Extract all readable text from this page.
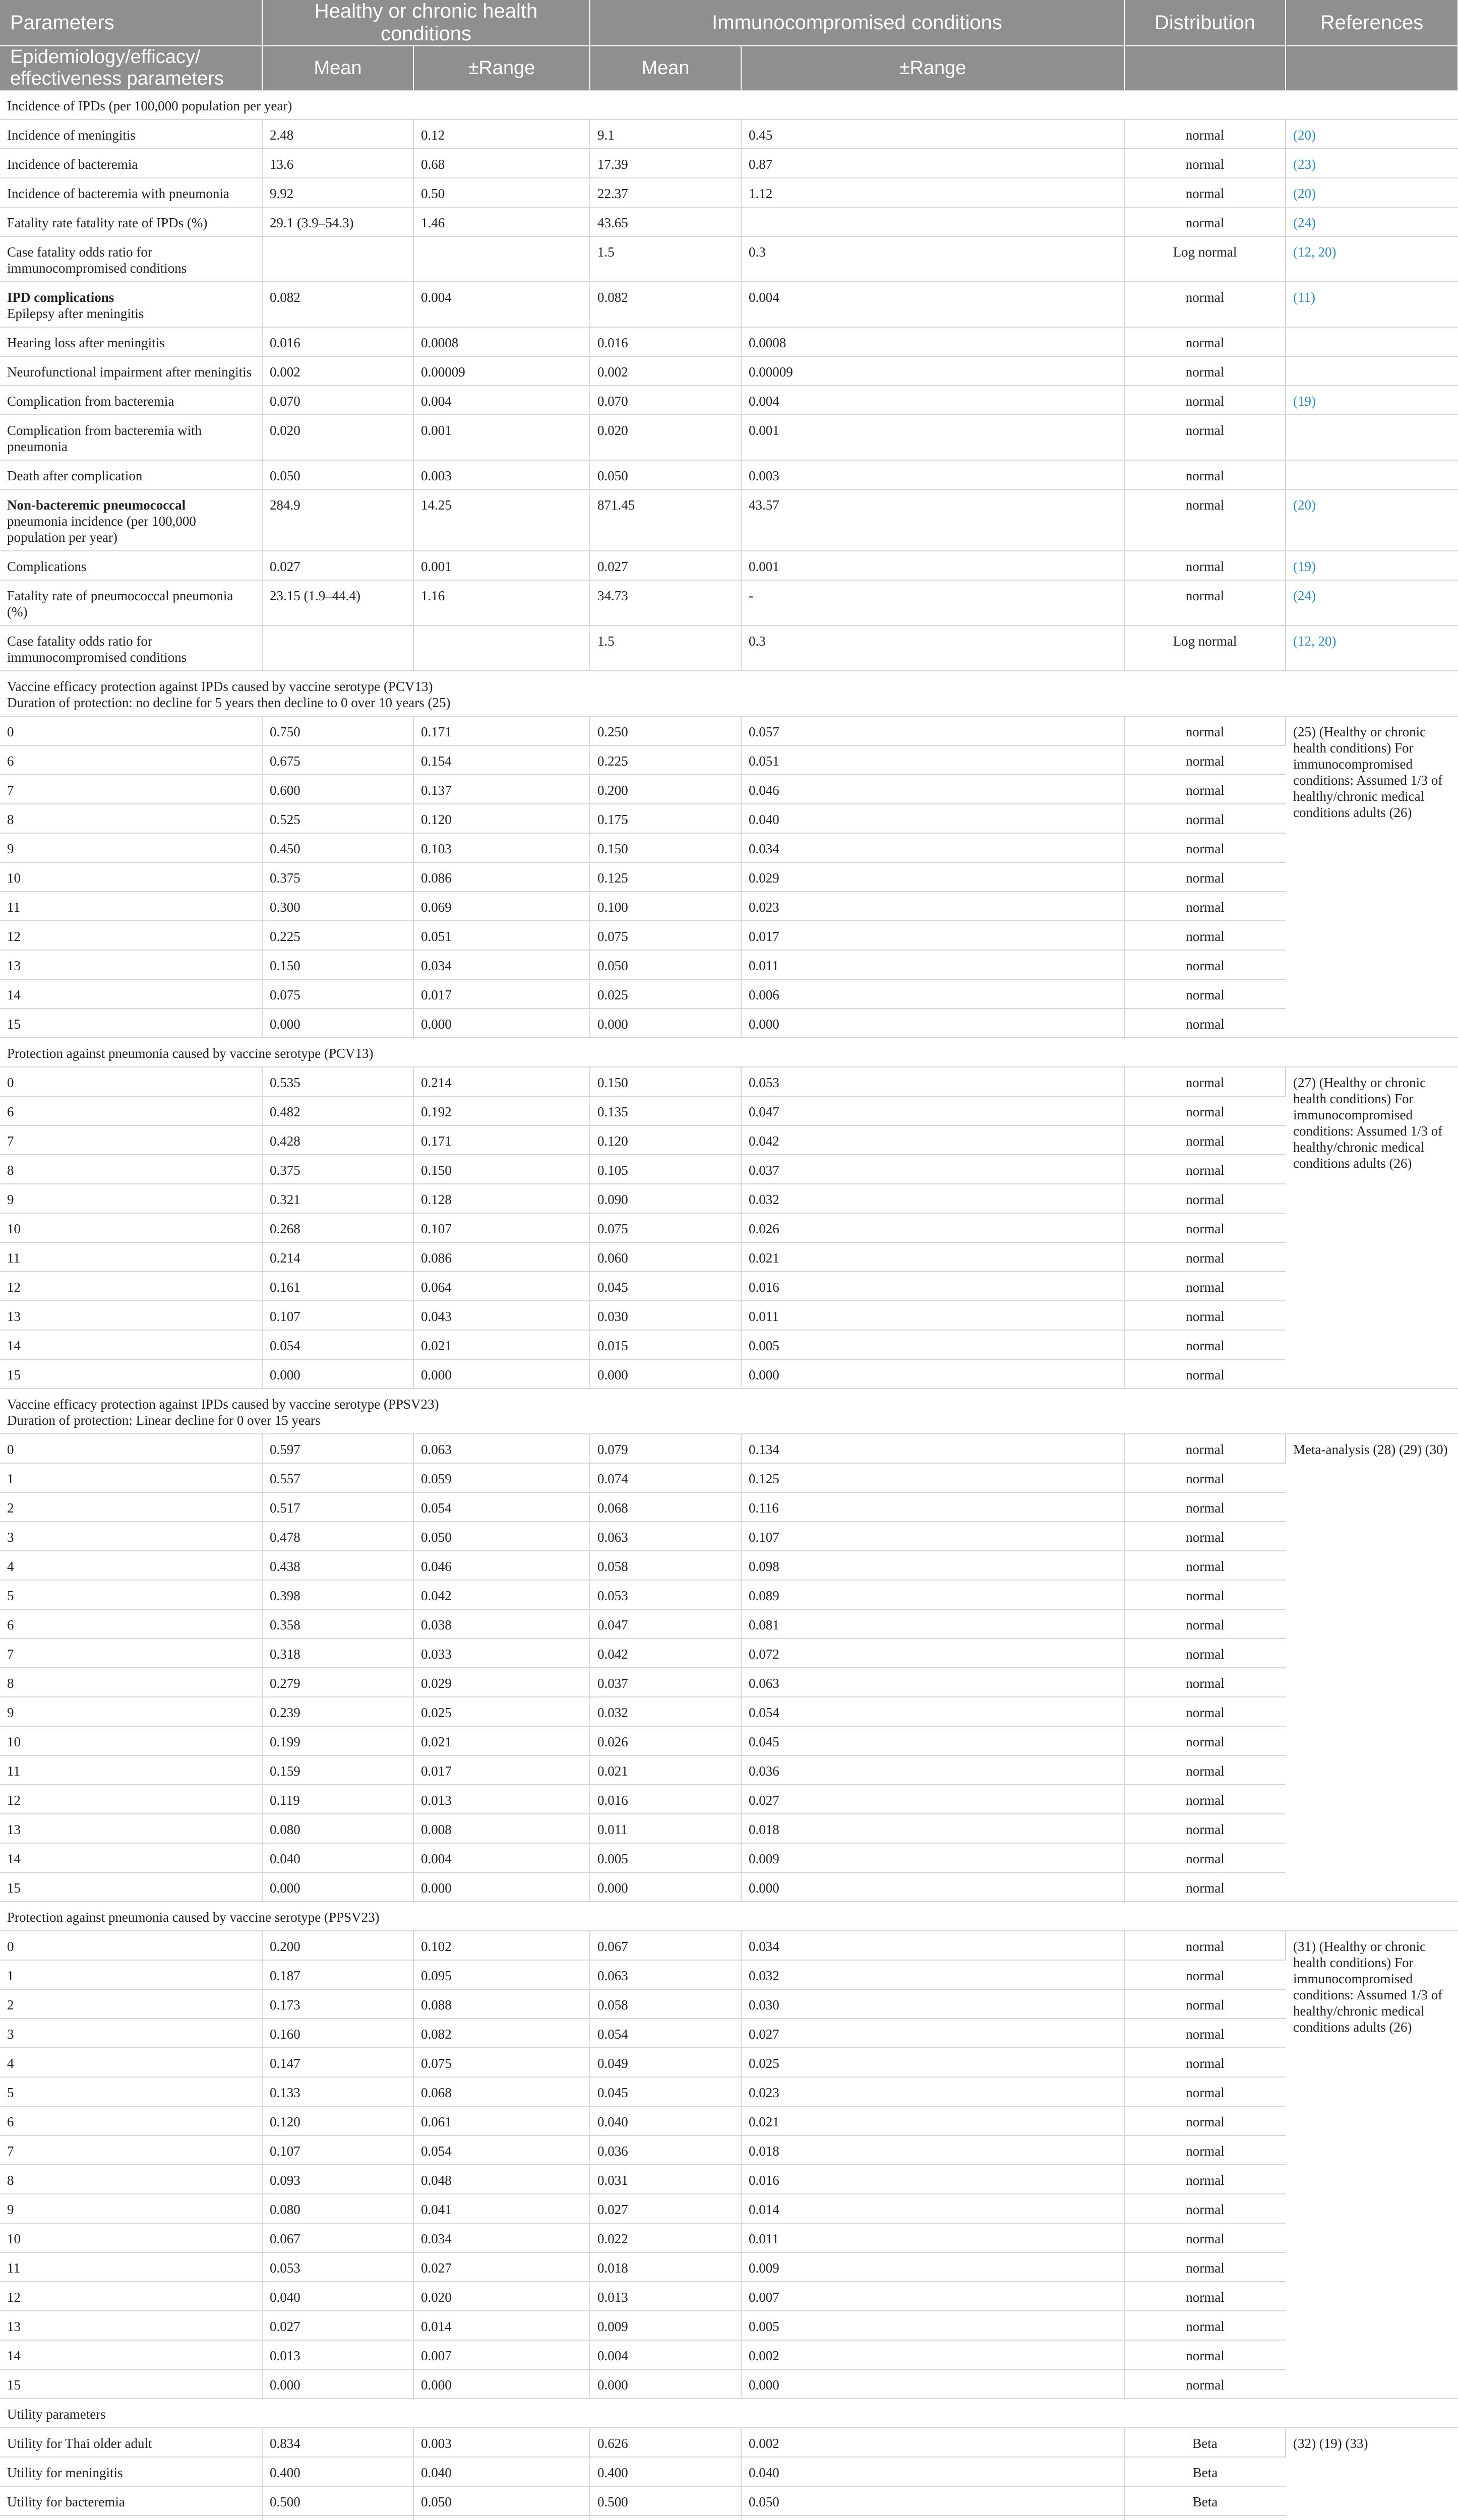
Parameters	Healthy or chronic health conditions		Immunocompromised conditions		Distribution	References
Epidemiology/efficacy/ effectiveness parameters	Mean	±Range	Mean	±Range		

Incidence of IPDs (per 100,000 population per year)						

Incidence of meningitis	2.48	0.12	9.1	0.45	normal	(20)

Incidence of bacteremia	13.6	0.68	17.39	0.87	normal	(23)

Incidence of bacteremia with pneumonia	9.92	0.50	22.37	1.12	normal	(20)

Fatality rate fatality rate of IPDs (%)	29.1 (3.9–54.3)	1.46	43.65		normal	(24)

Case fatality odds ratio for immunocompromised conditions			1.5	0.3	Log normal	(12, 20)

IPD complications
Epilepsy after meningitis	0.082	0.004	0.082	0.004	normal	(11)

Hearing loss after meningitis	0.016	0.0008	0.016	0.0008	normal	

Neurofunctional impairment after meningitis	0.002	0.00009	0.002	0.00009	normal	

Complication from bacteremia	0.070	0.004	0.070	0.004	normal	(19)

Complication from bacteremia with pneumonia	0.020	0.001	0.020	0.001	normal	

Death after complication	0.050	0.003	0.050	0.003	normal	

Non-bacteremic pneumococcal
pneumonia incidence (per 100,000 population per year)	284.9	14.25	871.45	43.57	normal	(20)

Complications	0.027	0.001	0.027	0.001	normal	(19)

Fatality rate of pneumococcal pneumonia (%)	23.15 (1.9–44.4)	1.16	34.73	-	normal	(24)

Case fatality odds ratio for immunocompromised conditions			1.5	0.3	Log normal	(12, 20)

Vaccine efficacy protection against IPDs caused by vaccine serotype (PCV13)
Duration of protection: no decline for 5 years then decline to 0 over 10 years (25)						

0	0.750	0.171	0.250	0.057	normal	(25) (Healthy or chronic health conditions) For immunocompromised conditions: Assumed 1/3 of healthy/chronic medical conditions adults (26)

6	0.675	0.154	0.225	0.051	normal	

7	0.600	0.137	0.200	0.046	normal	

8	0.525	0.120	0.175	0.040	normal	

9	0.450	0.103	0.150	0.034	normal	

10	0.375	0.086	0.125	0.029	normal	

11	0.300	0.069	0.100	0.023	normal	

12	0.225	0.051	0.075	0.017	normal	

13	0.150	0.034	0.050	0.011	normal	

14	0.075	0.017	0.025	0.006	normal	

15	0.000	0.000	0.000	0.000	normal	

Protection against pneumonia caused by vaccine serotype (PCV13)						

0	0.535	0.214	0.150	0.053	normal	(27) (Healthy or chronic health conditions) For immunocompromised conditions: Assumed 1/3 of healthy/chronic medical conditions adults (26)

6	0.482	0.192	0.135	0.047	normal	

7	0.428	0.171	0.120	0.042	normal	

8	0.375	0.150	0.105	0.037	normal	

9	0.321	0.128	0.090	0.032	normal	

10	0.268	0.107	0.075	0.026	normal	

11	0.214	0.086	0.060	0.021	normal	

12	0.161	0.064	0.045	0.016	normal	

13	0.107	0.043	0.030	0.011	normal	

14	0.054	0.021	0.015	0.005	normal	

15	0.000	0.000	0.000	0.000	normal	

Vaccine efficacy protection against IPDs caused by vaccine serotype (PPSV23)
Duration of protection: Linear decline for 0 over 15 years						

0	0.597	0.063	0.079	0.134	normal	Meta-analysis (28) (29) (30)

1	0.557	0.059	0.074	0.125	normal	

2	0.517	0.054	0.068	0.116	normal	

3	0.478	0.050	0.063	0.107	normal	

4	0.438	0.046	0.058	0.098	normal	

5	0.398	0.042	0.053	0.089	normal	

6	0.358	0.038	0.047	0.081	normal	

7	0.318	0.033	0.042	0.072	normal	

8	0.279	0.029	0.037	0.063	normal	

9	0.239	0.025	0.032	0.054	normal	

10	0.199	0.021	0.026	0.045	normal	

11	0.159	0.017	0.021	0.036	normal	

12	0.119	0.013	0.016	0.027	normal	

13	0.080	0.008	0.011	0.018	normal	

14	0.040	0.004	0.005	0.009	normal	

15	0.000	0.000	0.000	0.000	normal	

Protection against pneumonia caused by vaccine serotype (PPSV23)						

0	0.200	0.102	0.067	0.034	normal	(31) (Healthy or chronic health conditions) For immunocompromised conditions: Assumed 1/3 of healthy/chronic medical conditions adults (26)

1	0.187	0.095	0.063	0.032	normal	

2	0.173	0.088	0.058	0.030	normal	

3	0.160	0.082	0.054	0.027	normal	

4	0.147	0.075	0.049	0.025	normal	

5	0.133	0.068	0.045	0.023	normal	

6	0.120	0.061	0.040	0.021	normal	

7	0.107	0.054	0.036	0.018	normal	

8	0.093	0.048	0.031	0.016	normal	

9	0.080	0.041	0.027	0.014	normal	

10	0.067	0.034	0.022	0.011	normal	

11	0.053	0.027	0.018	0.009	normal	

12	0.040	0.020	0.013	0.007	normal	

13	0.027	0.014	0.009	0.005	normal	

14	0.013	0.007	0.004	0.002	normal	

15	0.000	0.000	0.000	0.000	normal	

Utility parameters						

Utility for Thai older adult	0.834	0.003	0.626	0.002	Beta	(32) (19) (33)

Utility for meningitis	0.400	0.040	0.400	0.040	Beta	

Utility for bacteremia	0.500	0.050	0.500	0.050	Beta	
